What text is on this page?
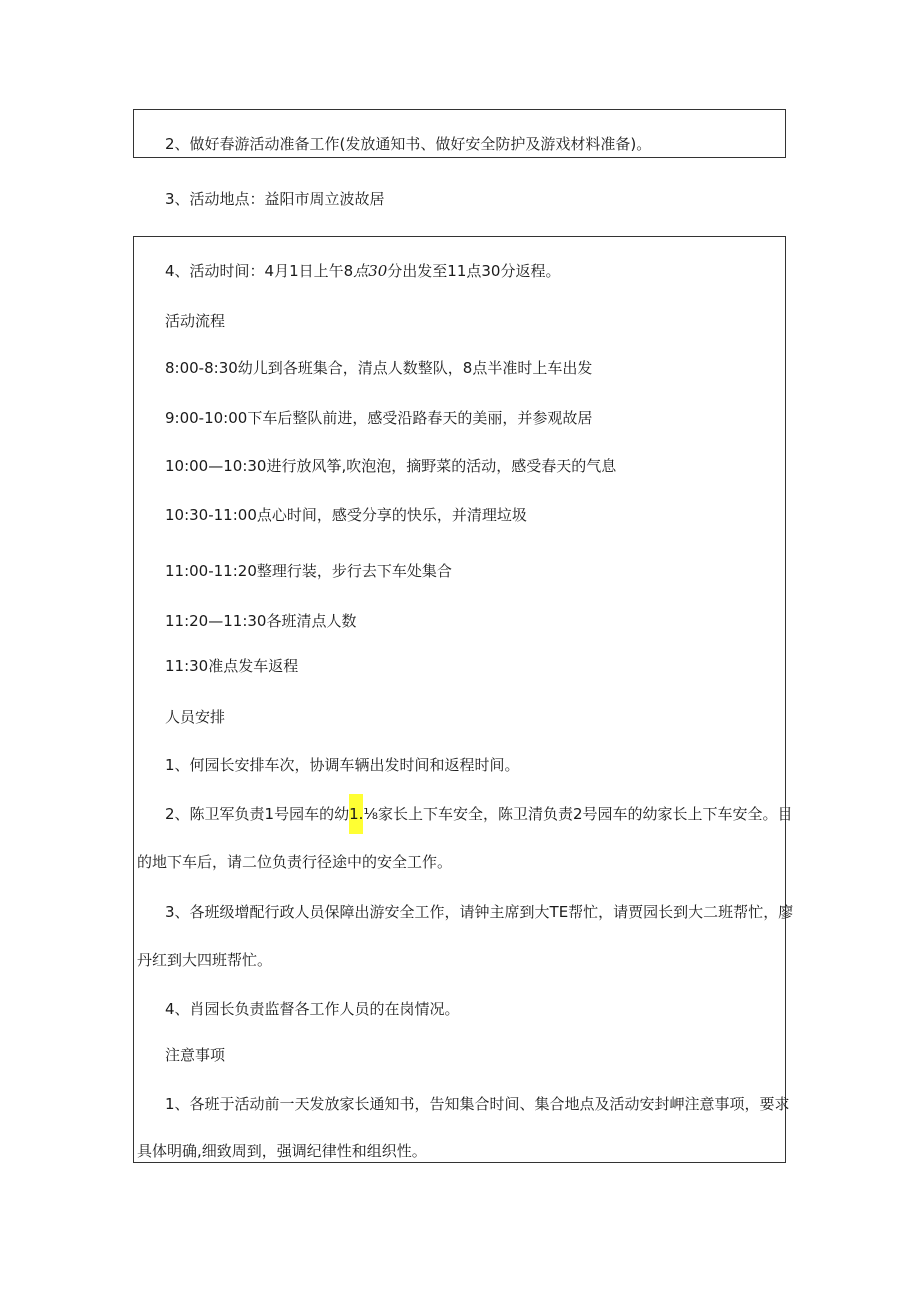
2、做好春游活动准备工作(发放通知书、做好安全防护及游戏材料准备)。
3、活动地点：益阳市周立波故居
4、活动时间：4月1日上午8点30分出发至11点30分返程。
活动流程
8:00-8:30幼儿到各班集合，清点人数整队，8点半准时上车出发
9:00-10:00下车后整队前进，感受沿路春天的美丽，并参观故居
10:00—10:30进行放风筝,吹泡泡，摘野菜的活动，感受春天的气息
10:30-11:00点心时间，感受分享的快乐，并清理垃圾
11:00-11:20整理行装，步行去下车处集合
11:20—11:30各班清点人数
11:30准点发车返程
人员安排
1、何园长安排车次，协调车辆出发时间和返程时间。
2、陈卫军负责1号园车的幼1.⅛家长上下车安全，陈卫清负责2号园车的幼家长上下车安全。目
的地下车后，请二位负责行径途中的安全工作。
3、各班级增配行政人员保障出游安全工作，请钟主席到大TE帮忙，请贾园长到大二班帮忙，廖
丹红到大四班帮忙。
4、肖园长负责监督各工作人员的在岗情况。
注意事项
1、各班于活动前一天发放家长通知书，告知集合时间、集合地点及活动安封岬注意事项，要求
具体明确,细致周到，强调纪律性和组织性。
